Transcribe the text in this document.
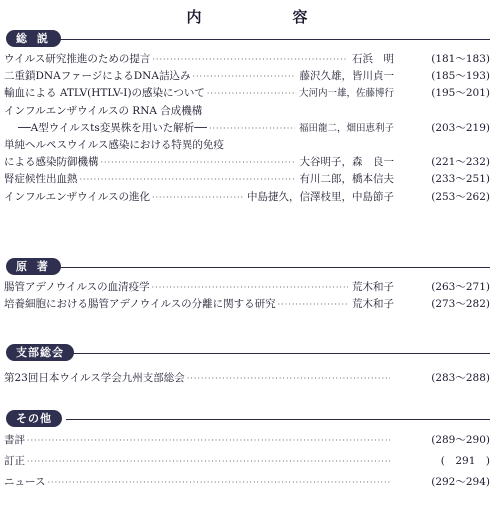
内　容
総 説
ウイルス研究推進のための提言 ·····	石浜　明	(181～183)
二重鎖DNAファージによるDNA詰込み ·····	藤沢久雄，皆川貞一	(185～193)
輸血による ATLV(HTLV-I)の感染について ·····	大河内一雄，佐藤博行	(195～201)
インフルエンザウイルスの RNA 合成機構
──A型ウイルスts変異株を用いた解析── ·····	福田龍二，畑田恵利子	(203～219)
単純ヘルペスウイルス感染における特異的免疫
による感染防御機構 ·····	大谷明子，森　良一	(221～232)
腎症候性出血熱 ·····	有川二郎，橋本信夫	(233～251)
インフルエンザウイルスの進化 ·····	中島捷久，信澤枝里，中島節子	(253～262)
原 著
腸管アデノウイルスの血清疫学 ·····	荒木和子	(263～271)
培養細胞における腸管アデノウイルスの分離に関する研究 ·····	荒木和子	(273～282)
支部総会
第23回日本ウイルス学会九州支部総会 ·····	(283～288)
その他
書評 ·····	(289～290)
訂正 ·····	(　291　)
ニュース ·····	(292～294)
